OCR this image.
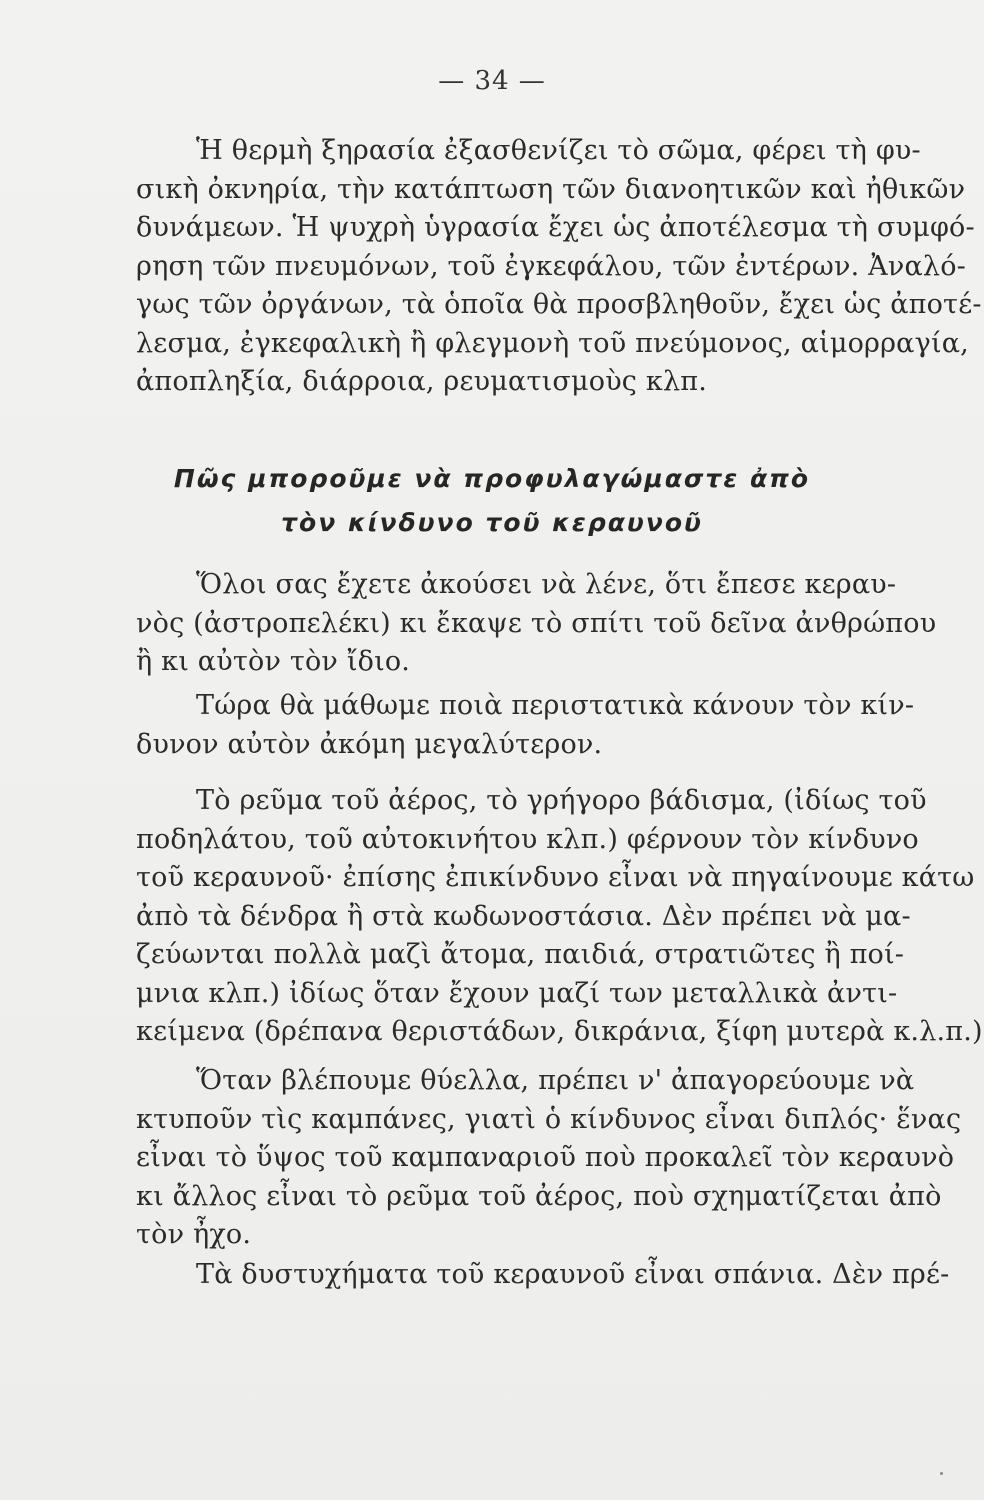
— 34 —
Ἡ θερμὴ ξηρασία ἐξασθενίζει τὸ σῶμα, φέρει τὴ φυ-
σικὴ ὀκνηρία, τὴν κατάπτωση τῶν διανοητικῶν καὶ ἠθικῶν
δυνάμεων. Ἡ ψυχρὴ ὑγρασία ἔχει ὡς ἀποτέλεσμα τὴ συμφό-
ρηση τῶν πνευμόνων, τοῦ ἐγκεφάλου, τῶν ἐντέρων. Ἀναλό-
γως τῶν ὀργάνων, τὰ ὁποῖα θὰ προσβληθοῦν, ἔχει ὡς ἀποτέ-
λεσμα, ἐγκεφαλικὴ ἢ φλεγμονὴ τοῦ πνεύμονος, αἱμορραγία,
ἀποπληξία, διάρροια, ρευματισμοὺς κλπ.
Πῶς μποροῦμε νὰ προφυλαγώμαστε ἀπὸ
τὸν κίνδυνο τοῦ κεραυνοῦ
Ὅλοι σας ἔχετε ἀκούσει νὰ λένε, ὅτι ἔπεσε κεραυ-
νὸς (ἀστροπελέκι) κι ἔκαψε τὸ σπίτι τοῦ δεῖνα ἀνθρώπου
ἢ κι αὐτὸν τὸν ἴδιο.
Τώρα θὰ μάθωμε ποιὰ περιστατικὰ κάνουν τὸν κίν-
δυνον αὐτὸν ἀκόμη μεγαλύτερον.
Τὸ ρεῦμα τοῦ ἀέρος, τὸ γρήγορο βάδισμα, (ἰδίως τοῦ
ποδηλάτου, τοῦ αὐτοκινήτου κλπ.) φέρνουν τὸν κίνδυνο
τοῦ κεραυνοῦ· ἐπίσης ἐπικίνδυνο εἶναι νὰ πηγαίνουμε κάτω
ἀπὸ τὰ δένδρα ἢ στὰ κωδωνοστάσια. Δὲν πρέπει νὰ μα-
ζεύωνται πολλὰ μαζὶ ἄτομα, παιδιά, στρατιῶτες ἢ ποί-
μνια κλπ.) ἰδίως ὅταν ἔχουν μαζί των μεταλλικὰ ἀντι-
κείμενα (δρέπανα θεριστάδων, δικράνια, ξίφη μυτερὰ κ.λ.π.)
Ὅταν βλέπουμε θύελλα, πρέπει ν' ἀπαγορεύουμε νὰ
κτυποῦν τὶς καμπάνες, γιατὶ ὁ κίνδυνος εἶναι διπλός· ἕνας
εἶναι τὸ ὕψος τοῦ καμπαναριοῦ ποὺ προκαλεῖ τὸν κεραυνὸ
κι ἄλλος εἶναι τὸ ρεῦμα τοῦ ἀέρος, ποὺ σχηματίζεται ἀπὸ
τὸν ἦχο.
Τὰ δυστυχήματα τοῦ κεραυνοῦ εἶναι σπάνια. Δὲν πρέ-
